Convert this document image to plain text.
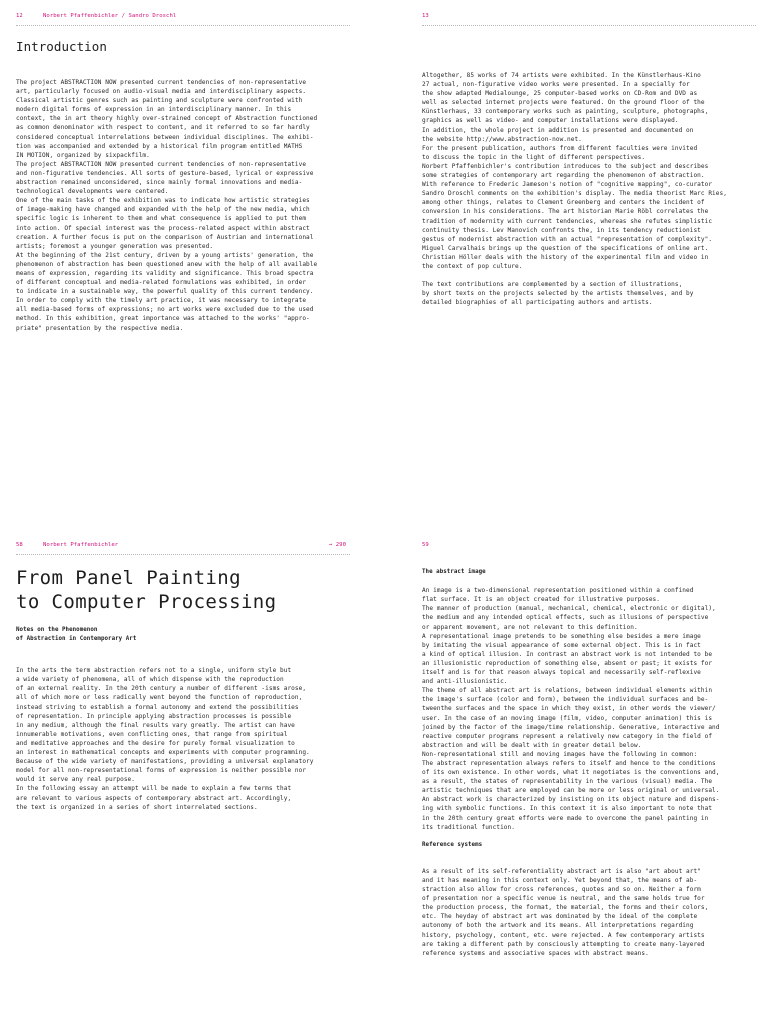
12	Norbert Pfaffenbichler / Sandro Droschl
Introduction
The project ABSTRACTION NOW presented current tendencies of non-representative
art, particularly focused on audio-visual media and interdisciplinary aspects.
Classical artistic genres such as painting and sculpture were confronted with
modern digital forms of expression in an interdisciplinary manner. In this
context, the in art theory highly over-strained concept of Abstraction functioned
as common denominator with respect to content, and it referred to so far hardly
considered conceptual interrelations between individual disciplines. The exhibi-
tion was accompanied and extended by a historical film program entitled MATHS
IN MOTION, organized by sixpackfilm.
The project ABSTRACTION NOW presented current tendencies of non-representative
and non-figurative tendencies. All sorts of gesture-based, lyrical or expressive
abstraction remained unconsidered, since mainly formal innovations and media-
technological developments were centered.
One of the main tasks of the exhibition was to indicate how artistic strategies
of image-making have changed and expanded with the help of the new media, which
specific logic is inherent to them and what consequence is applied to put them
into action. Of special interest was the process-related aspect within abstract
creation. A further focus is put on the comparison of Austrian and international
artists; foremost a younger generation was presented.
At the beginning of the 21st century, driven by a young artists' generation, the
phenomenon of abstraction has been questioned anew with the help of all available
means of expression, regarding its validity and significance. This broad spectra
of different conceptual and media-related formulations was exhibited, in order
to indicate in a sustainable way, the powerful quality of this current tendency.
In order to comply with the timely art practice, it was necessary to integrate
all media-based forms of expressions; no art works were excluded due to the used
method. In this exhibition, great importance was attached to the works' "appro-
priate" presentation by the respective media.
13
Altogether, 85 works of 74 artists were exhibited. In the Künstlerhaus-Kino
27 actual, non-figurative video works were presented. In a specially for
the show adapted Medialounge, 25 computer-based works on CD-Rom and DVD as
well as selected internet projects were featured. On the ground floor of the
Künstlerhaus, 33 contemporary works such as painting, sculpture, photographs,
graphics as well as video- and computer installations were displayed.
In addition, the whole project in addition is presented and documented on
the website http://www.abstraction-now.net.
For the present publication, authors from different faculties were invited
to discuss the topic in the light of different perspectives.
Norbert Pfaffenbichler's contribution introduces to the subject and describes
some strategies of contemporary art regarding the phenomenon of abstraction.
With reference to Frederic Jameson's notion of "cognitive mapping", co-curator
Sandro Droschl comments on the exhibition's display. The media theorist Marc Ries,
among other things, relates to Clement Greenberg and centers the incident of
conversion in his considerations. The art historian Marie Röbl correlates the
tradition of modernity with current tendencies, whereas she refutes simplistic
continuity thesis. Lev Manovich confronts the, in its tendency reductionist
gestus of modernist abstraction with an actual "representation of complexity".
Miguel Carvalhais brings up the question of the specifications of online art.
Christian Höller deals with the history of the experimental film and video in
the context of pop culture.
The text contributions are complemented by a section of illustrations,
by short texts on the projects selected by the artists themselves, and by
detailed biographies of all participating authors and artists.
58	Norbert Pfaffenbichler	→ 290
From Panel Painting
to Computer Processing
Notes on the Phenomenon
of Abstraction in Contemporary Art
In the arts the term abstraction refers not to a single, uniform style but
a wide variety of phenomena, all of which dispense with the reproduction
of an external reality. In the 20th century a number of different -isms arose,
all of which more or less radically went beyond the function of reproduction,
instead striving to establish a formal autonomy and extend the possibilities
of representation. In principle applying abstraction processes is possible
in any medium, although the final results vary greatly. The artist can have
innumerable motivations, even conflicting ones, that range from spiritual
and meditative approaches and the desire for purely formal visualization to
an interest in mathematical concepts and experiments with computer programming.
Because of the wide variety of manifestations, providing a universal explanatory
model for all non-representational forms of expression is neither possible nor
would it serve any real purpose.
In the following essay an attempt will be made to explain a few terms that
are relevant to various aspects of contemporary abstract art. Accordingly,
the text is organized in a series of short interrelated sections.
59
The abstract image
An image is a two-dimensional representation positioned within a confined
flat surface. It is an object created for illustrative purposes.
The manner of production (manual, mechanical, chemical, electronic or digital),
the medium and any intended optical effects, such as illusions of perspective
or apparent movement, are not relevant to this definition.
A representational image pretends to be something else besides a mere image
by imitating the visual appearance of some external object. This is in fact
a kind of optical illusion. In contrast an abstract work is not intended to be
an illusionistic reproduction of something else, absent or past; it exists for
itself and is for that reason always topical and necessarily self-reflexive
and anti-illusionistic.
The theme of all abstract art is relations, between individual elements within
the image's surface (color and form), between the individual surfaces and be-
tweenthe surfaces and the space in which they exist, in other words the viewer/
user. In the case of an moving image (film, video, computer animation) this is
joined by the factor of the image/time relationship. Generative, interactive and
reactive computer programs represent a relatively new category in the field of
abstraction and will be dealt with in greater detail below.
Non-representational still and moving images have the following in common:
The abstract representation always refers to itself and hence to the conditions
of its own existence. In other words, what it negotiates is the conventions and,
as a result, the states of representability in the various (visual) media. The
artistic techniques that are employed can be more or less original or universal.
An abstract work is characterized by insisting on its object nature and dispens-
ing with symbolic functions. In this context it is also important to note that
in the 20th century great efforts were made to overcome the panel painting in
its traditional function.
Reference systems
As a result of its self-referentiality abstract art is also "art about art"
and it has meaning in this context only. Yet beyond that, the means of ab-
straction also allow for cross references, quotes and so on. Neither a form
of presentation nor a specific venue is neutral, and the same holds true for
the production process, the format, the material, the forms and their colors,
etc. The heyday of abstract art was dominated by the ideal of the complete
autonomy of both the artwork and its means. All interpretations regarding
history, psychology, content, etc. were rejected. A few contemporary artists
are taking a different path by consciously attempting to create many-layered
reference systems and associative spaces with abstract means.
